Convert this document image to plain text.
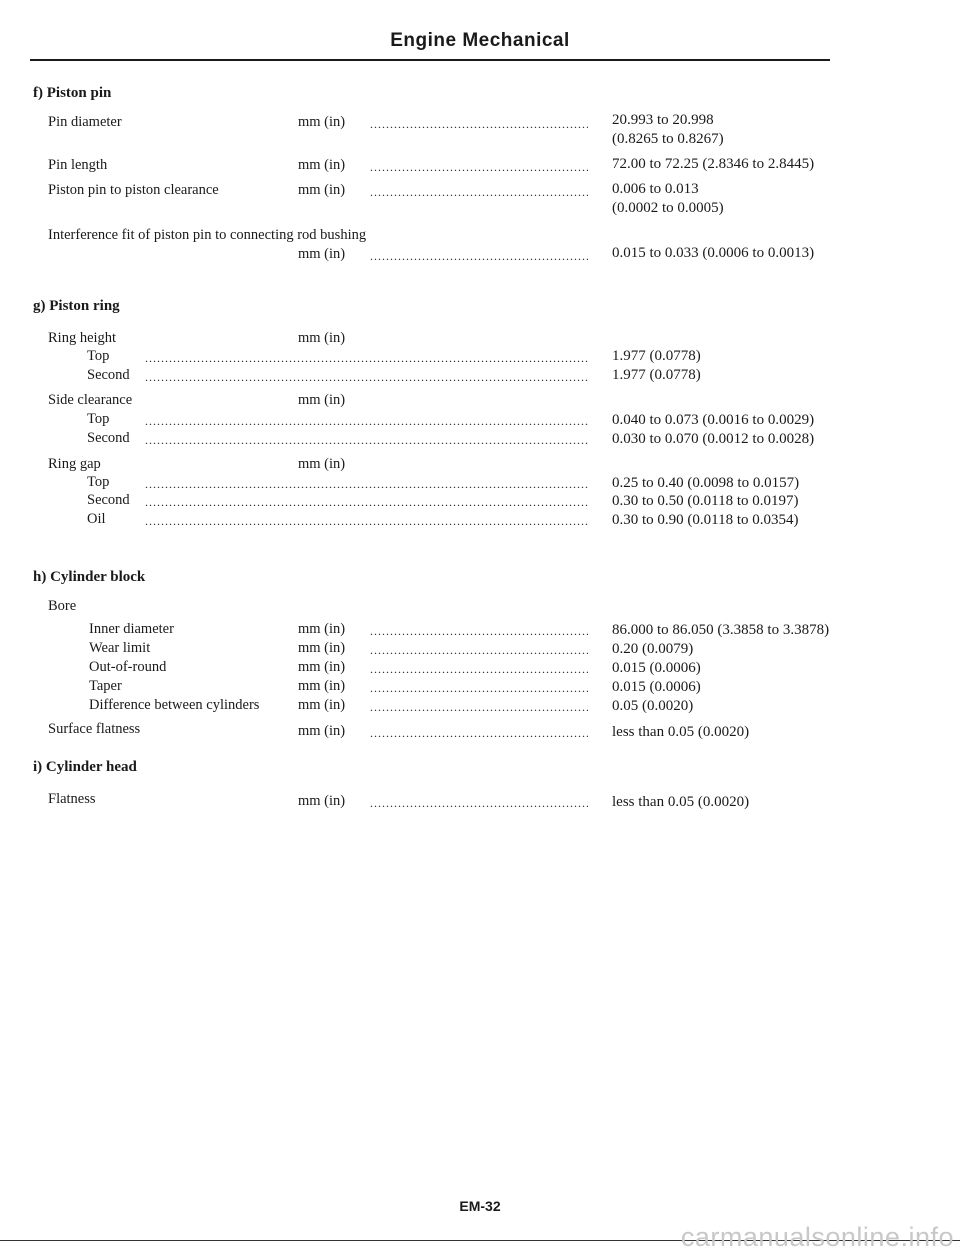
Engine Mechanical
f) Piston pin
Pin diameter	mm (in) .....	20.993 to 20.998
(0.8265 to 0.8267)
Pin length	mm (in) .....	72.00 to 72.25 (2.8346 to 2.8445)
Piston pin to piston clearance	mm (in) .....	0.006 to 0.013
(0.0002 to 0.0005)
Interference fit of piston pin to connecting rod bushing
mm (in) .....	0.015 to 0.033 (0.0006 to 0.0013)
g) Piston ring
Ring height	mm (in)
Top .....	1.977 (0.0778)
Second .....	1.977 (0.0778)
Side clearance	mm (in)
Top .....	0.040 to 0.073 (0.0016 to 0.0029)
Second .....	0.030 to 0.070 (0.0012 to 0.0028)
Ring gap	mm (in)
Top .....	0.25 to 0.40 (0.0098 to 0.0157)
Second .....	0.30 to 0.50 (0.0118 to 0.0197)
Oil .....	0.30 to 0.90 (0.0118 to 0.0354)
h) Cylinder block
Bore
Inner diameter	mm (in) .....	86.000 to 86.050 (3.3858 to 3.3878)
Wear limit	mm (in) .....	0.20 (0.0079)
Out-of-round	mm (in) .....	0.015 (0.0006)
Taper	mm (in) .....	0.015 (0.0006)
Difference between cylinders	mm (in) .....	0.05 (0.0020)
Surface flatness	mm (in) .....	less than 0.05 (0.0020)
i) Cylinder head
Flatness	mm (in) .....	less than 0.05 (0.0020)
EM-32
carmanualsonline.info
